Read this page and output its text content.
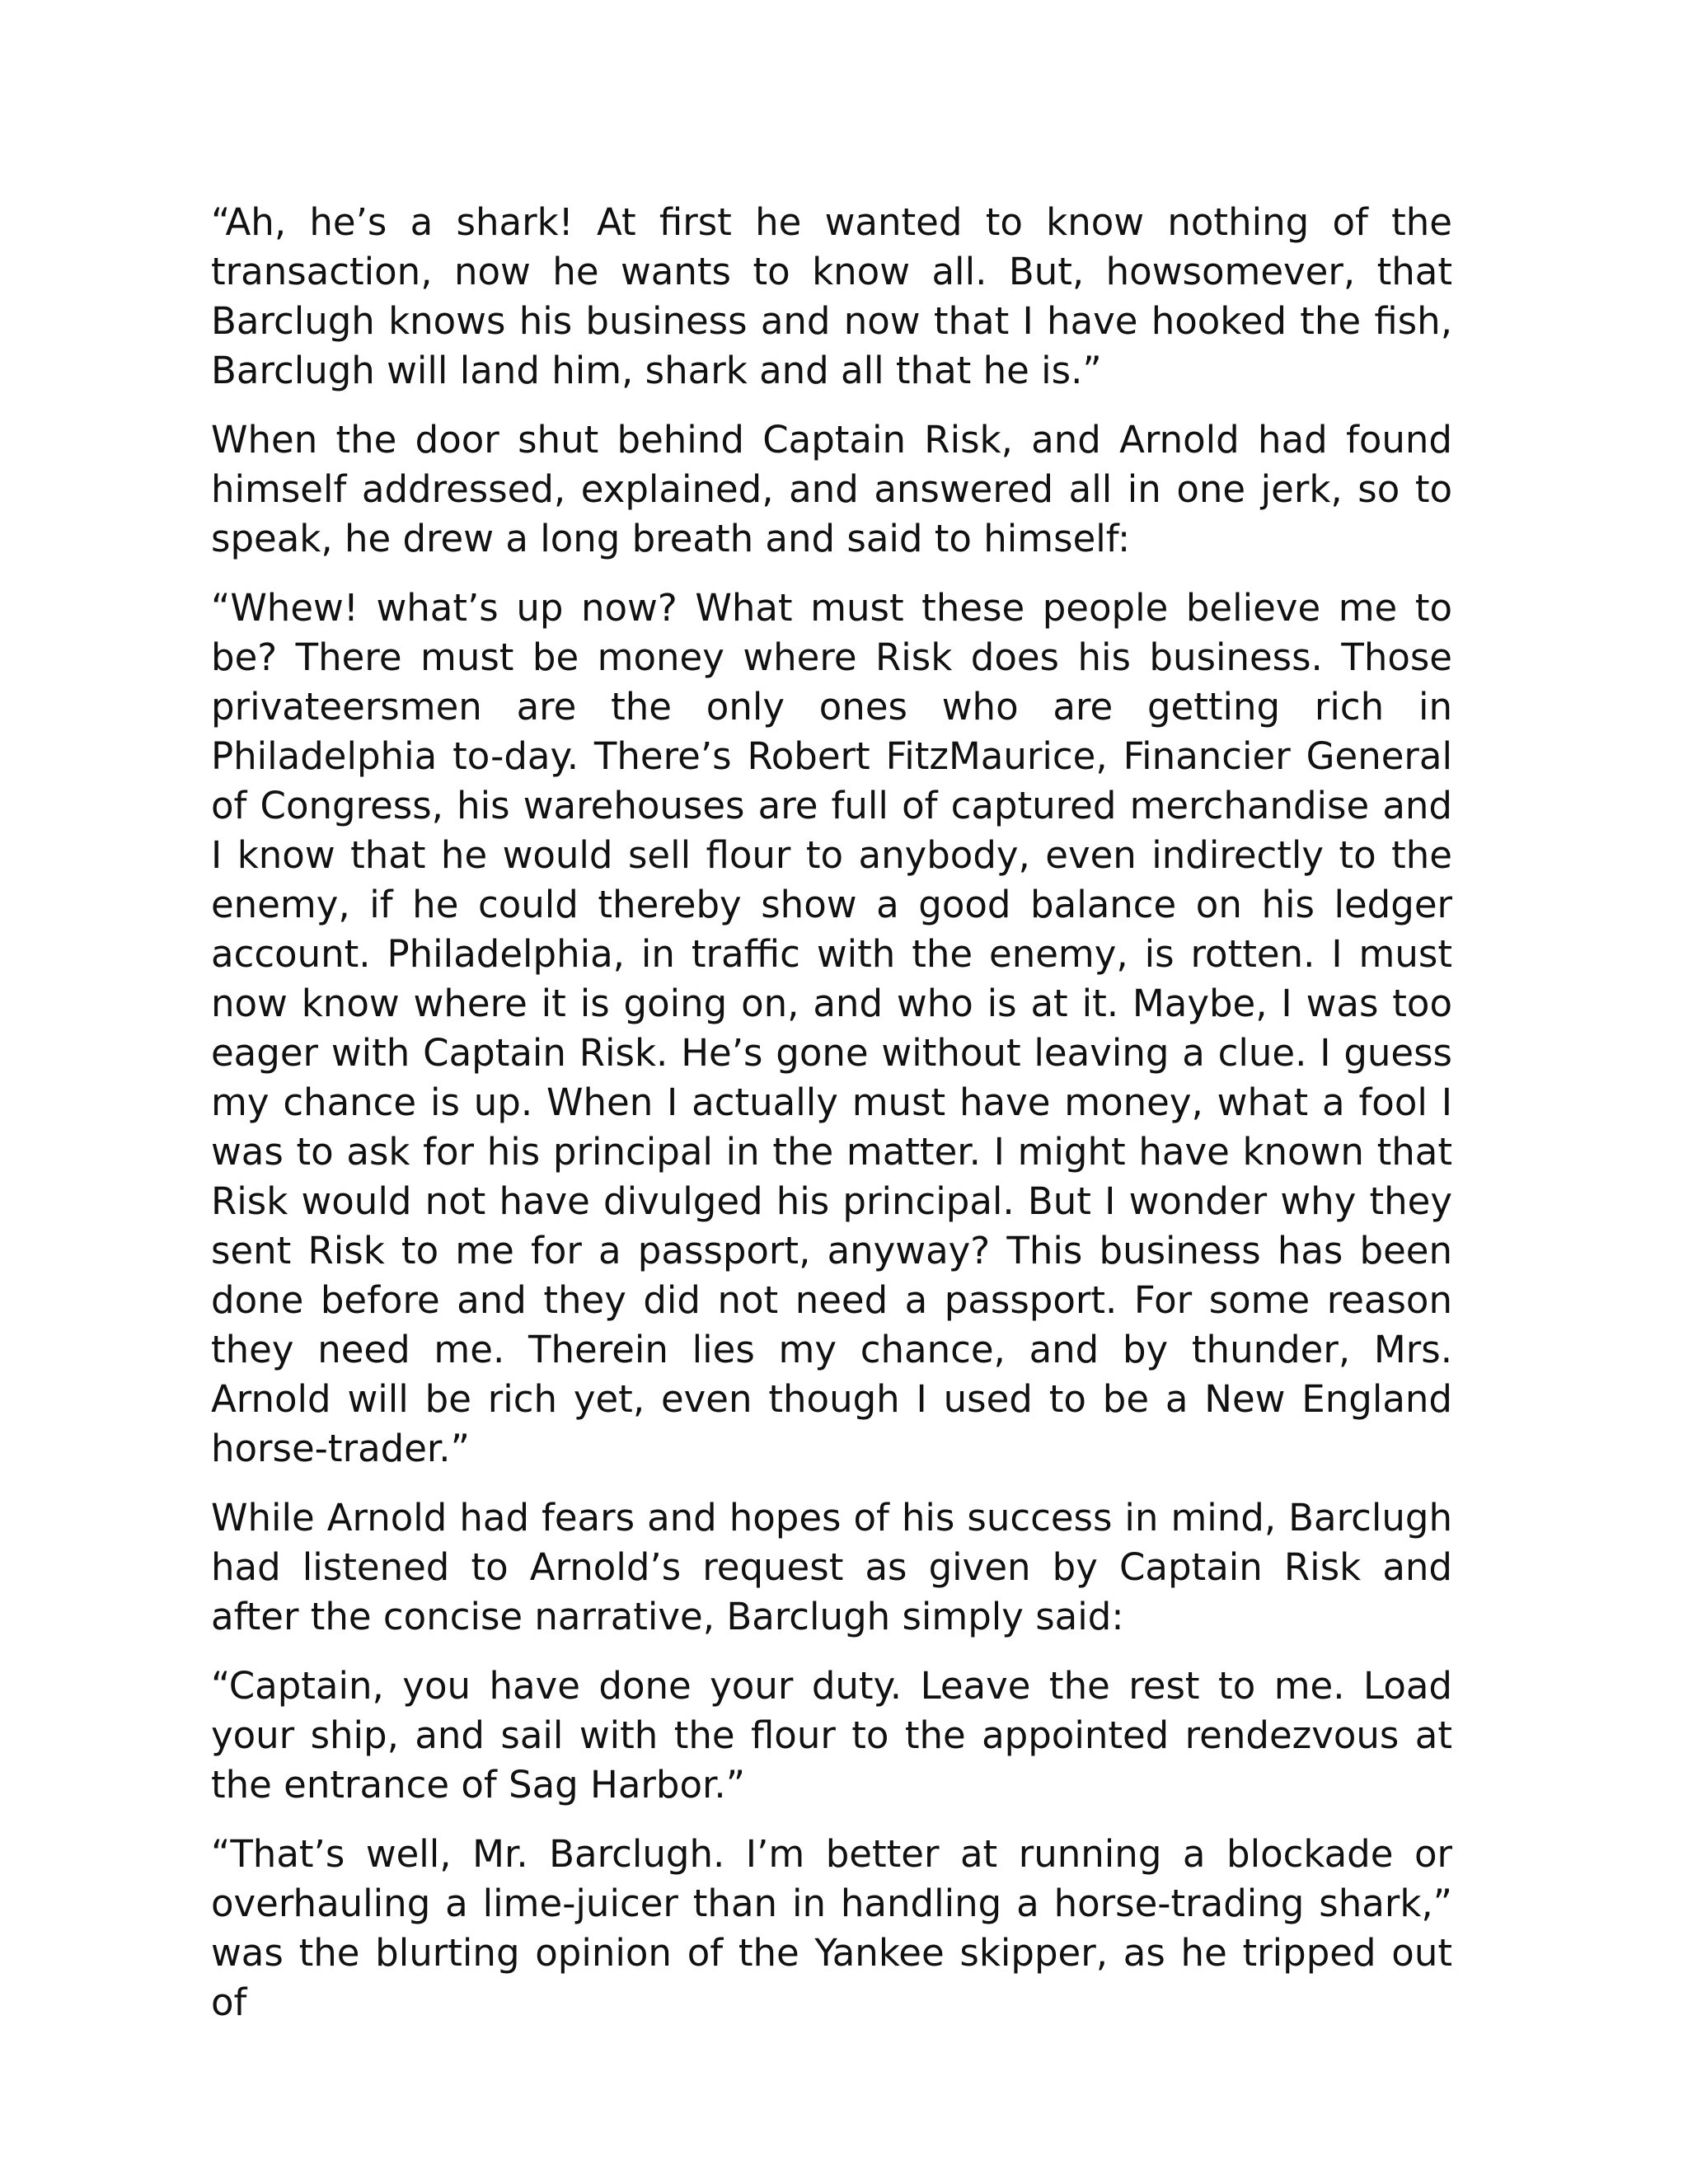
“Ah, he’s a shark! At first he wanted to know nothing of the transaction, now he wants to know all. But, howsomever, that Barclugh knows his business and now that I have hooked the fish, Barclugh will land him, shark and all that he is.”

When the door shut behind Captain Risk, and Arnold had found himself addressed, explained, and answered all in one jerk, so to speak, he drew a long breath and said to himself:

“Whew! what’s up now? What must these people believe me to be? There must be money where Risk does his business. Those privateersmen are the only ones who are getting rich in Philadelphia to-day. There’s Robert FitzMaurice, Financier General of Congress, his warehouses are full of captured merchandise and I know that he would sell flour to anybody, even indirectly to the enemy, if he could thereby show a good balance on his ledger account. Philadelphia, in traffic with the enemy, is rotten. I must now know where it is going on, and who is at it. Maybe, I was too eager with Captain Risk. He’s gone without leaving a clue. I guess my chance is up. When I actually must have money, what a fool I was to ask for his principal in the matter. I might have known that Risk would not have divulged his principal. But I wonder why they sent Risk to me for a passport, anyway? This business has been done before and they did not need a passport. For some reason they need me. Therein lies my chance, and by thunder, Mrs. Arnold will be rich yet, even though I used to be a New England horse-trader.”

While Arnold had fears and hopes of his success in mind, Barclugh had listened to Arnold’s request as given by Captain Risk and after the concise narrative, Barclugh simply said:

“Captain, you have done your duty. Leave the rest to me. Load your ship, and sail with the flour to the appointed rendezvous at the entrance of Sag Harbor.”

“That’s well, Mr. Barclugh. I’m better at running a blockade or overhauling a lime-juicer than in handling a horse-trading shark,” was the blurting opinion of the Yankee skipper, as he tripped out of
